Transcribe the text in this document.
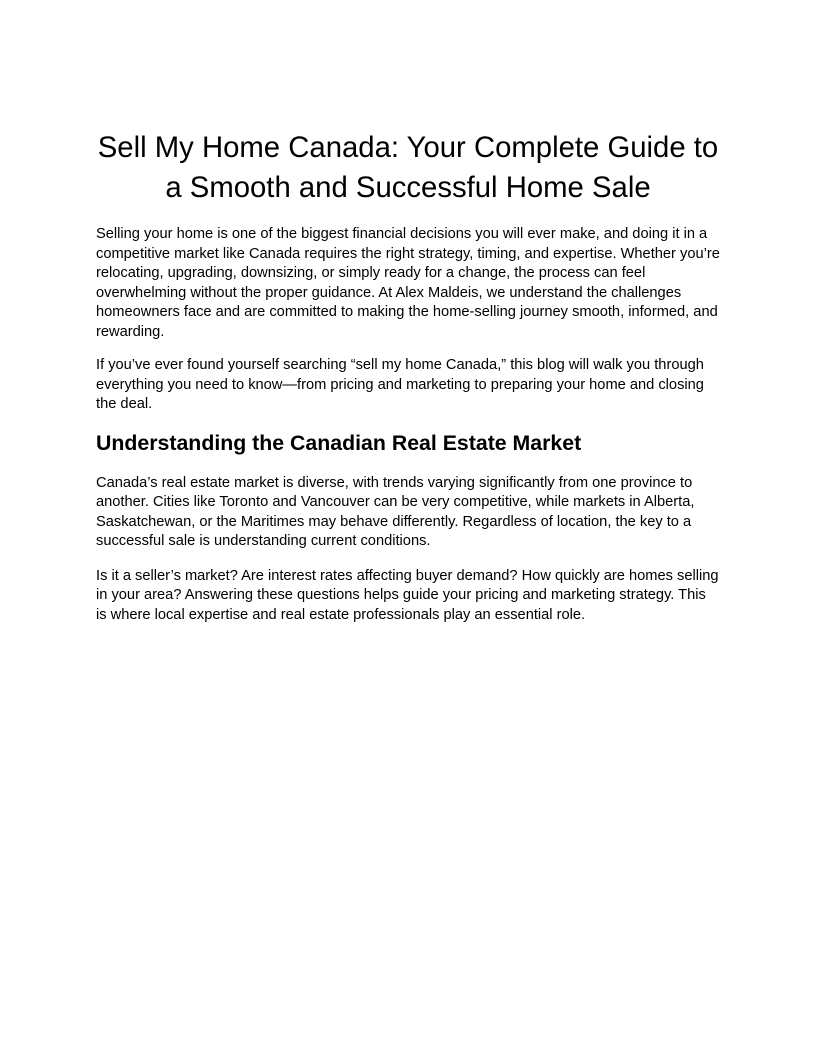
Sell My Home Canada: Your Complete Guide to a Smooth and Successful Home Sale

Selling your home is one of the biggest financial decisions you will ever make, and doing it in a competitive market like Canada requires the right strategy, timing, and expertise. Whether you’re relocating, upgrading, downsizing, or simply ready for a change, the process can feel overwhelming without the proper guidance. At Alex Maldeis, we understand the challenges homeowners face and are committed to making the home-selling journey smooth, informed, and rewarding.

If you’ve ever found yourself searching “sell my home Canada,” this blog will walk you through everything you need to know—from pricing and marketing to preparing your home and closing the deal.

Understanding the Canadian Real Estate Market

Canada’s real estate market is diverse, with trends varying significantly from one province to another. Cities like Toronto and Vancouver can be very competitive, while markets in Alberta, Saskatchewan, or the Maritimes may behave differently. Regardless of location, the key to a successful sale is understanding current conditions.

Is it a seller’s market? Are interest rates affecting buyer demand? How quickly are homes selling in your area? Answering these questions helps guide your pricing and marketing strategy. This is where local expertise and real estate professionals play an essential role.
